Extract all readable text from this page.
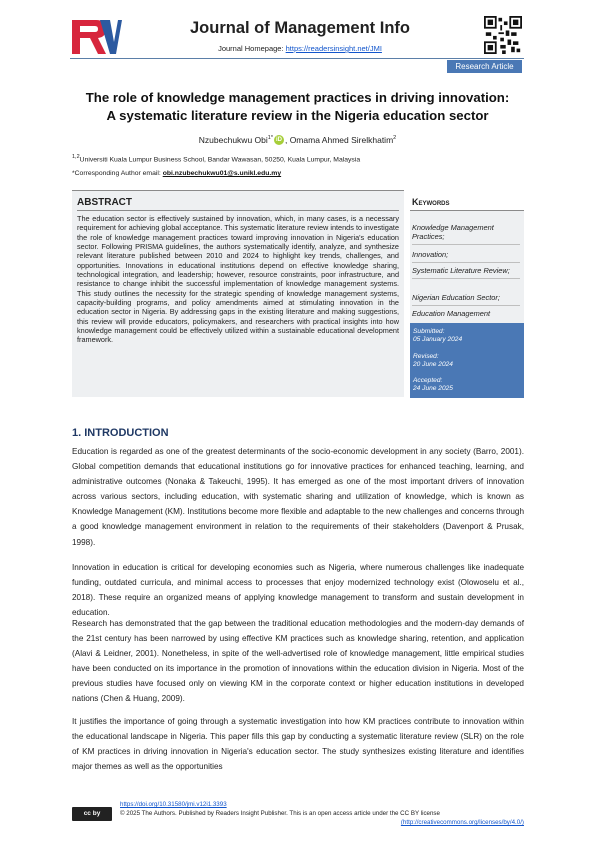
Journal of Management Info
Journal Homepage: https://readersinsight.net/JMI
Research Article
The role of knowledge management practices in driving innovation:
A systematic literature review in the Nigeria education sector
Nzubechukwu Obi$^{1*}$ iD , Omama Ahmed Sirelkhatim$^2$
$^{1,2}$Universiti Kuala Lumpur Business School, Bandar Wawasan, 50250, Kuala Lumpur, Malaysia
*Corresponding Author email: obi.nzubechukwu01@s.unikl.edu.my
ABSTRACT
The education sector is effectively sustained by innovation, which, in many cases, is a necessary requirement for achieving global acceptance. This systematic literature review intends to investigate the role of knowledge management practices toward improving innovation in Nigeria's education sector. Following PRISMA guidelines, the authors systematically identify, analyze, and synthesize relevant literature published between 2010 and 2024 to highlight key trends, challenges, and opportunities. Innovations in educational institutions depend on effective knowledge sharing, technological integration, and leadership; however, resource constraints, poor infrastructure, and resistance to change inhibit the successful implementation of knowledge management systems. This study outlines the necessity for the strategic spending of knowledge management systems, capacity-building programs, and policy amendments aimed at stimulating innovation in the education sector in Nigeria. By addressing gaps in the existing literature and making suggestions, this review will provide educators, policymakers, and researchers with practical insights into how knowledge management could be effectively utilized within a sustainable educational development framework.
Keywords
Knowledge Management Practices;
Innovation;
Systematic Literature Review;
Nigerian Education Sector;
Education Management
Submitted:
05 January 2024
Revised:
20 June 2024
Accepted:
24 June 2025
1. INTRODUCTION
Education is regarded as one of the greatest determinants of the socio-economic development in any society (Barro, 2001). Global competition demands that educational institutions go for innovative practices for enhanced teaching, learning, and administrative outcomes (Nonaka & Takeuchi, 1995). It has emerged as one of the most important drivers of innovation across various sectors, including education, with systematic sharing and utilization of knowledge, which is known as Knowledge Management (KM). Institutions become more flexible and adaptable to the new challenges and concerns through a good knowledge management environment in relation to the requirements of their stakeholders (Davenport & Prusak, 1998).
Innovation in education is critical for developing economies such as Nigeria, where numerous challenges like inadequate funding, outdated curricula, and minimal access to processes that enjoy modernized technology exist (Olowoselu et al., 2018). These require an organized means of applying knowledge management to transform and sustain development in education.
Research has demonstrated that the gap between the traditional education methodologies and the modern-day demands of the 21st century has been narrowed by using effective KM practices such as knowledge sharing, retention, and application (Alavi & Leidner, 2001). Nonetheless, in spite of the well-advertised role of knowledge management, little empirical studies have been conducted on its importance in the promotion of innovations within the education division in Nigeria. Most of the previous studies have focused only on viewing KM in the corporate context or higher education institutions in developed nations (Chen & Huang, 2009).
It justifies the importance of going through a systematic investigation into how KM practices contribute to innovation within the educational landscape in Nigeria. This paper fills this gap by conducting a systematic literature review (SLR) on the role of KM practices in driving innovation in Nigeria's education sector. The study synthesizes existing literature and identifies major themes as well as the opportunities
cc by
https://doi.org/10.31580/jmi.v12i1.3393
© 2025 The Authors. Published by Readers Insight Publisher. This is an open access article under the CC BY license
(http://creativecommons.org/licenses/by/4.0/)
